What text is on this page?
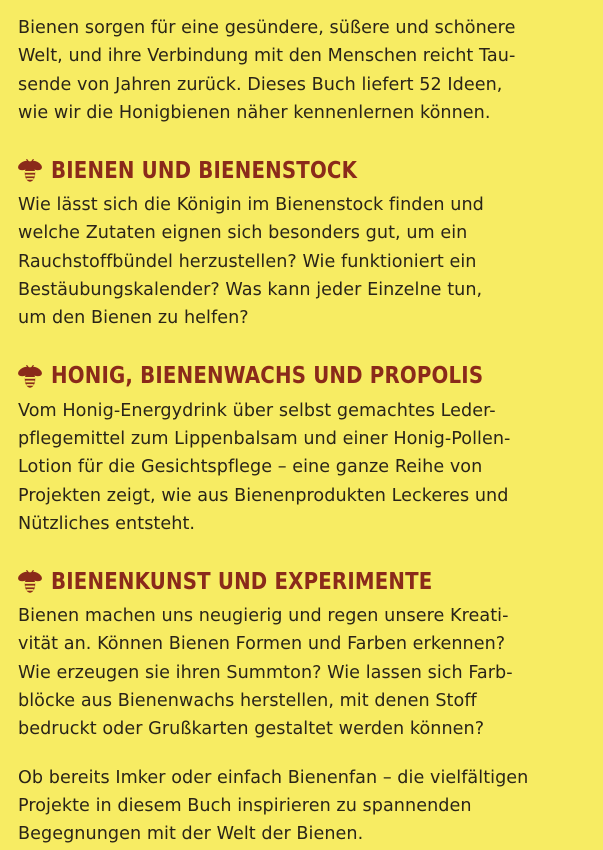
Bienen sorgen für eine gesündere, süßere und schönere
Welt, und ihre Verbindung mit den Menschen reicht Tau-
sende von Jahren zurück. Dieses Buch liefert 52 Ideen,
wie wir die Honigbienen näher kennenlernen können.

BIENEN UND BIENENSTOCK

Wie lässt sich die Königin im Bienenstock finden und
welche Zutaten eignen sich besonders gut, um ein
Rauchstoffbündel herzustellen? Wie funktioniert ein
Bestäubungskalender? Was kann jeder Einzelne tun,
um den Bienen zu helfen?

HONIG, BIENENWACHS UND PROPOLIS

Vom Honig-Energydrink über selbst gemachtes Leder-
pflegemittel zum Lippenbalsam und einer Honig-Pollen-
Lotion für die Gesichtspflege – eine ganze Reihe von
Projekten zeigt, wie aus Bienenprodukten Leckeres und
Nützliches entsteht.

BIENENKUNST UND EXPERIMENTE

Bienen machen uns neugierig und regen unsere Kreati-
vität an. Können Bienen Formen und Farben erkennen?
Wie erzeugen sie ihren Summton? Wie lassen sich Farb-
blöcke aus Bienenwachs herstellen, mit denen Stoff
bedruckt oder Grußkarten gestaltet werden können?

Ob bereits Imker oder einfach Bienenfan – die vielfältigen
Projekte in diesem Buch inspirieren zu spannenden
Begegnungen mit der Welt der Bienen.
